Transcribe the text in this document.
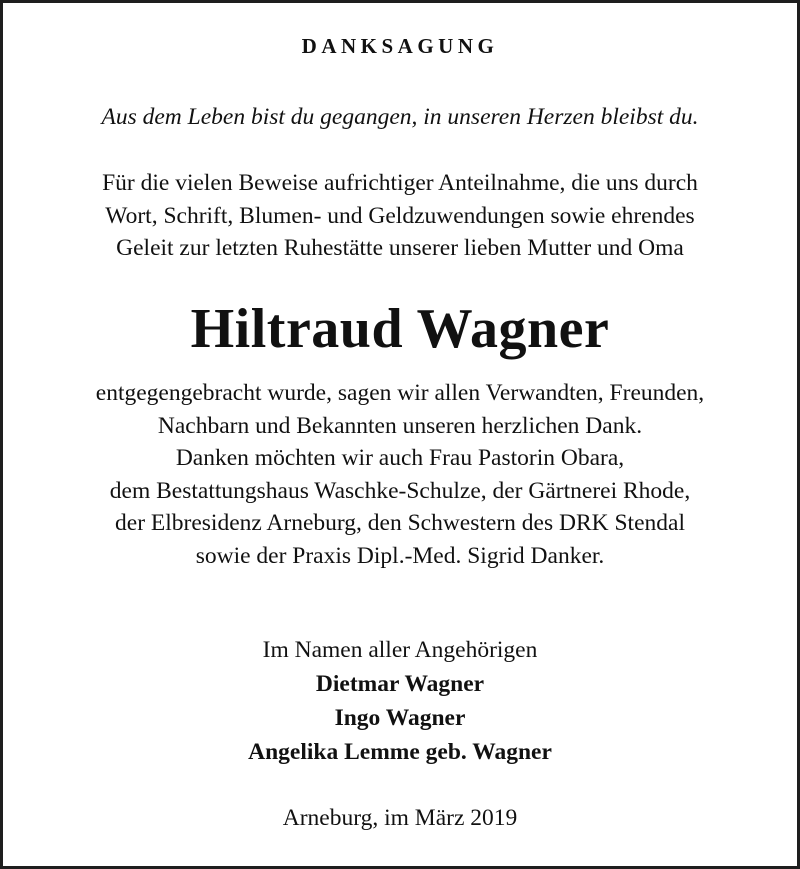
DANKSAGUNG
Aus dem Leben bist du gegangen, in unseren Herzen bleibst du.
Für die vielen Beweise aufrichtiger Anteilnahme, die uns durch
Wort, Schrift, Blumen- und Geldzuwendungen sowie ehrendes
Geleit zur letzten Ruhestätte unserer lieben Mutter und Oma
Hiltraud Wagner
entgegengebracht wurde, sagen wir allen Verwandten, Freunden,
Nachbarn und Bekannten unseren herzlichen Dank.
Danken möchten wir auch Frau Pastorin Obara,
dem Bestattungshaus Waschke-Schulze, der Gärtnerei Rhode,
der Elbresidenz Arneburg, den Schwestern des DRK Stendal
sowie der Praxis Dipl.-Med. Sigrid Danker.
Im Namen aller Angehörigen
Dietmar Wagner
Ingo Wagner
Angelika Lemme geb. Wagner
Arneburg, im März 2019
